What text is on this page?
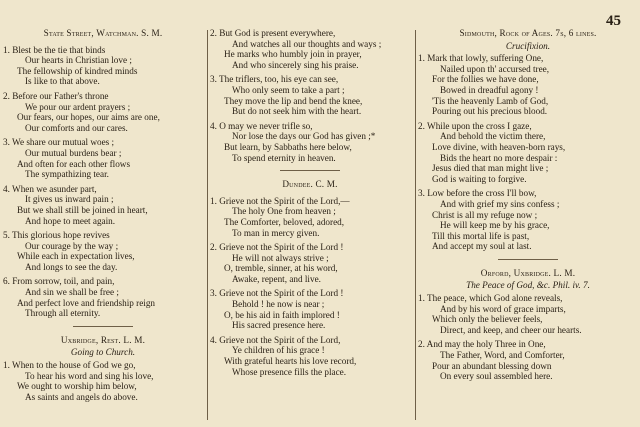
45
State Street, Watchman. S. M.
1. Blest be the tie that binds
Our hearts in Christian love ;
The fellowship of kindred minds
Is like to that above.
2. Before our Father's throne
We pour our ardent prayers ;
Our fears, our hopes, our aims are one,
Our comforts and our cares.
3. We share our mutual woes ;
Our mutual burdens bear ;
And often for each other flows
The sympathizing tear.
4. When we asunder part,
It gives us inward pain ;
But we shall still be joined in heart,
And hope to meet again.
5. This glorious hope revives
Our courage by the way ;
While each in expectation lives,
And longs to see the day.
6. From sorrow, toil, and pain,
And sin we shall be free ;
And perfect love and friendship reign
Through all eternity.
Uxbridge, Rest. L. M.
Going to Church.
1. When to the house of God we go,
To hear his word and sing his love,
We ought to worship him below,
As saints and angels do above.
2. But God is present everywhere,
And watches all our thoughts and ways ;
He marks who humbly join in prayer,
And who sincerely sing his praise.
3. The triflers, too, his eye can see,
Who only seem to take a part ;
They move the lip and bend the knee,
But do not seek him with the heart.
4. O may we never trifle so,
Nor lose the days our God has given ;*
But learn, by Sabbaths here below,
To spend eternity in heaven.
Dundee. C. M.
1. Grieve not the Spirit of the Lord,—
The holy One from heaven ;
The Comforter, beloved, adored,
To man in mercy given.
2. Grieve not the Spirit of the Lord !
He will not always strive ;
O, tremble, sinner, at his word,
Awake, repent, and live.
3. Grieve not the Spirit of the Lord !
Behold ! he now is near ;
O, be his aid in faith implored !
His sacred presence here.
4. Grieve not the Spirit of the Lord,
Ye children of his grace !
With grateful hearts his love record,
Whose presence fills the place.
Sidmouth, Rock of Ages. 7s, 6 lines.
Crucifixion.
1. Mark that lowly, suffering One,
Nailed upon th' accursed tree,
For the follies we have done,
Bowed in dreadful agony !
'Tis the heavenly Lamb of God,
Pouring out his precious blood.
2. While upon the cross I gaze,
And behold the victim there,
Love divine, with heaven-born rays,
Bids the heart no more despair :
Jesus died that man might live ;
God is waiting to forgive.
3. Low before the cross I'll bow,
And with grief my sins confess ;
Christ is all my refuge now ;
He will keep me by his grace,
Till this mortal life is past,
And accept my soul at last.
Orford, Uxbridge. L. M.
The Peace of God, &c. Phil. iv. 7.
1. The peace, which God alone reveals,
And by his word of grace imparts,
Which only the believer feels,
Direct, and keep, and cheer our hearts.
2. And may the holy Three in One,
The Father, Word, and Comforter,
Pour an abundant blessing down
On every soul assembled here.
